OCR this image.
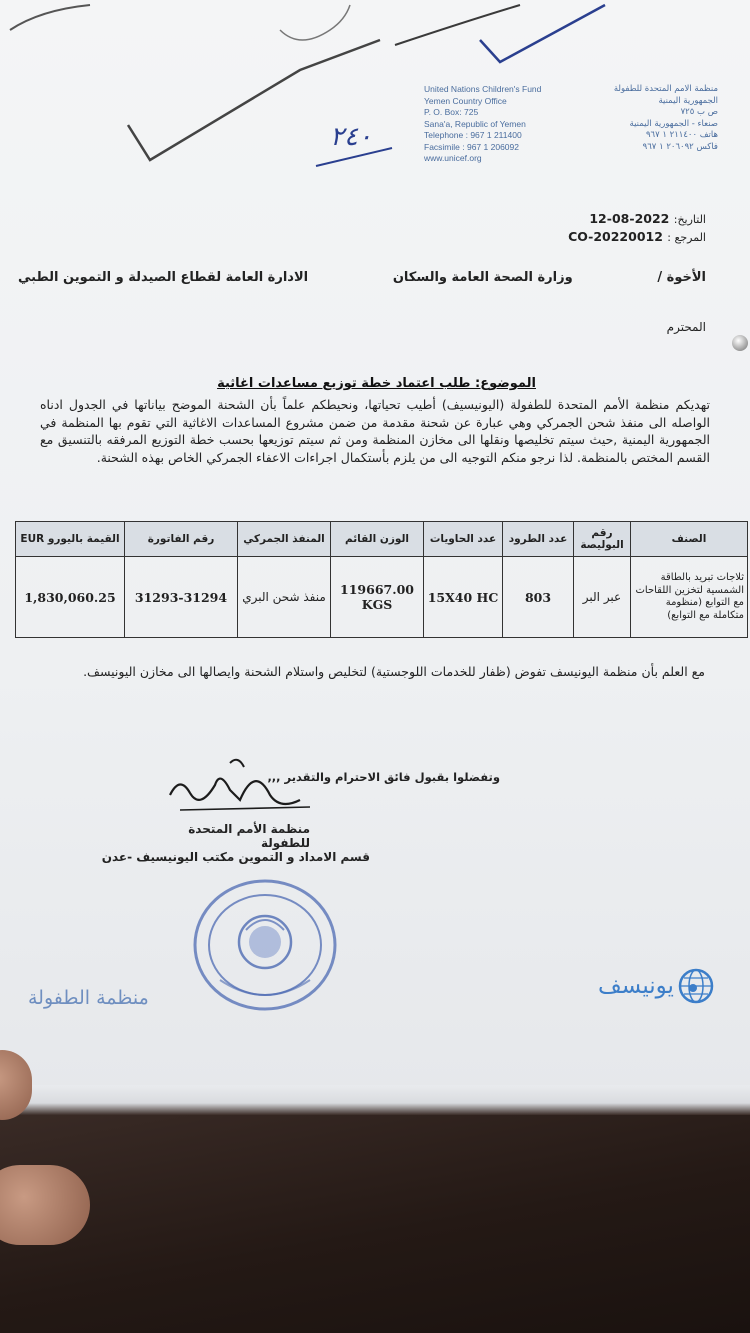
٢٤٠
United Nations Children's Fund
Yemen Country Office
P. O. Box: 725
Sana'a, Republic of Yemen
Telephone : 967 1 211400
Facsimile : 967 1 206092
www.unicef.org
منظمة الامم المتحدة للطفولة
الجمهورية اليمنية
ص ب ٧٢٥
صنعاء - الجمهورية اليمنية
هاتف ٢١١٤٠٠ ١ ٩٦٧
فاكس ٢٠٦٠٩٢ ١ ٩٦٧
التاريخ: 2022-08-12
المرجع : CO-20220012
الأخوة /
وزارة الصحة العامة والسكان
الادارة العامة لقطاع الصيدلة و التموين الطبي
المحترم
الموضوع: طلب اعتماد خطة توزيع مساعدات اغاثية
تهديكم منظمة الأمم المتحدة للطفولة (اليونيسيف) أطيب تحياتها، ونحيطكم علماً بأن الشحنة الموضح بياناتها في الجدول ادناه الواصله الى منفذ شحن الجمركي وهي عبارة عن شحنة مقدمة من ضمن مشروع المساعدات الاغاثية التي تقوم بها المنظمة في الجمهورية اليمنية ,حيث سيتم تخليصها ونقلها الى مخازن المنظمة ومن ثم سيتم توزيعها بحسب خطة التوزيع المرفقه بالتنسيق مع القسم المختص بالمنظمة. لذا نرجو منكم التوجيه الى من يلزم بأستكمال اجراءات الاعفاء الجمركي الخاص بهذه الشحنة.
الصنف	رقم البوليصة	عدد الطرود	عدد الحاويات	الوزن القائم	المنفذ الجمركي	رقم الفاتورة	القيمة باليورو EUR
ثلاجات تبريد بالطاقة الشمسية لتخزين اللقاحات مع التوابع (منظومة متكاملة مع التوابع)	عبر البر	803	15X40 HC	119667.00 KGS	منفذ شحن البري	31293-31294	1,830,060.25
مع العلم بأن منظمة اليونيسف تفوض (ظفار للخدمات اللوجستية) لتخليص واستلام الشحنة وايصالها الى مخازن اليونيسف.
وتفضلوا بقبول فائق الاحترام والتقدير ,,,
منظمة الأمم المتحدة للطفولة
قسم الامداد و التموين مكتب اليونيسيف -عدن
منظمة الطفولة	يونيسف
